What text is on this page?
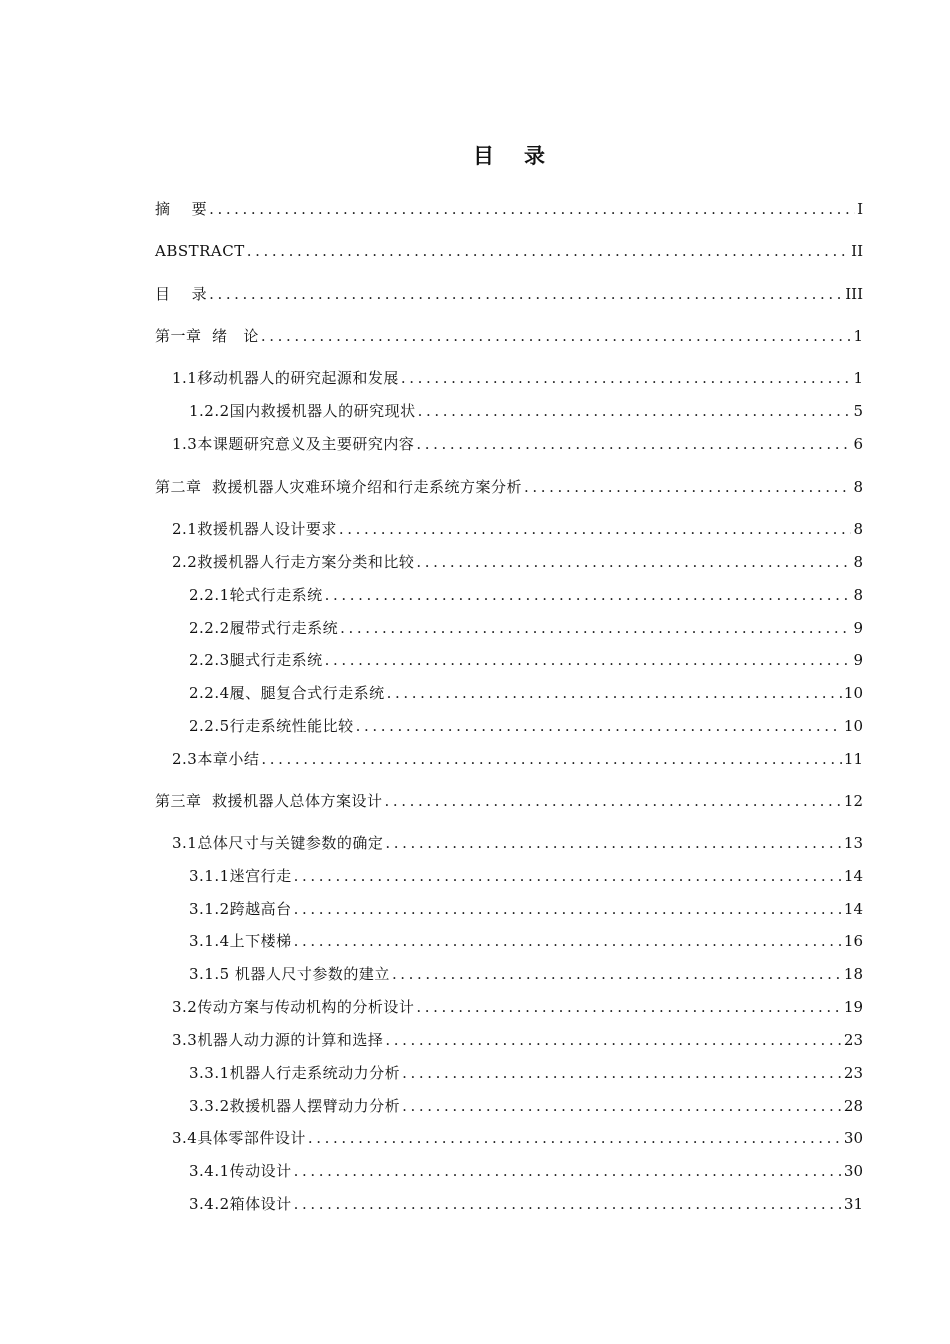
目 录
摘    要 .....	I
ABSTRACT .....	II
目    录 .....	III
第一章  绪   论 .....	1
1.1移动机器人的研究起源和发展 .....	1
1.2.2国内救援机器人的研究现状 .....	5
1.3本课题研究意义及主要研究内容 .....	6
第二章  救援机器人灾难环境介绍和行走系统方案分析 .....	8
2.1救援机器人设计要求 .....	8
2.2救援机器人行走方案分类和比较 .....	8
2.2.1轮式行走系统 .....	8
2.2.2履带式行走系统 .....	9
2.2.3腿式行走系统 .....	9
2.2.4履、腿复合式行走系统 .....	10
2.2.5行走系统性能比较 .....	10
2.3本章小结 .....	11
第三章  救援机器人总体方案设计 .....	12
3.1总体尺寸与关键参数的确定 .....	13
3.1.1迷宫行走 .....	14
3.1.2跨越高台 .....	14
3.1.4上下楼梯 .....	16
3.1.5 机器人尺寸参数的建立 .....	18
3.2传动方案与传动机构的分析设计 .....	19
3.3机器人动力源的计算和选择 .....	23
3.3.1机器人行走系统动力分析 .....	23
3.3.2救援机器人摆臂动力分析 .....	28
3.4具体零部件设计 .....	30
3.4.1传动设计 .....	30
3.4.2箱体设计 .....	31
